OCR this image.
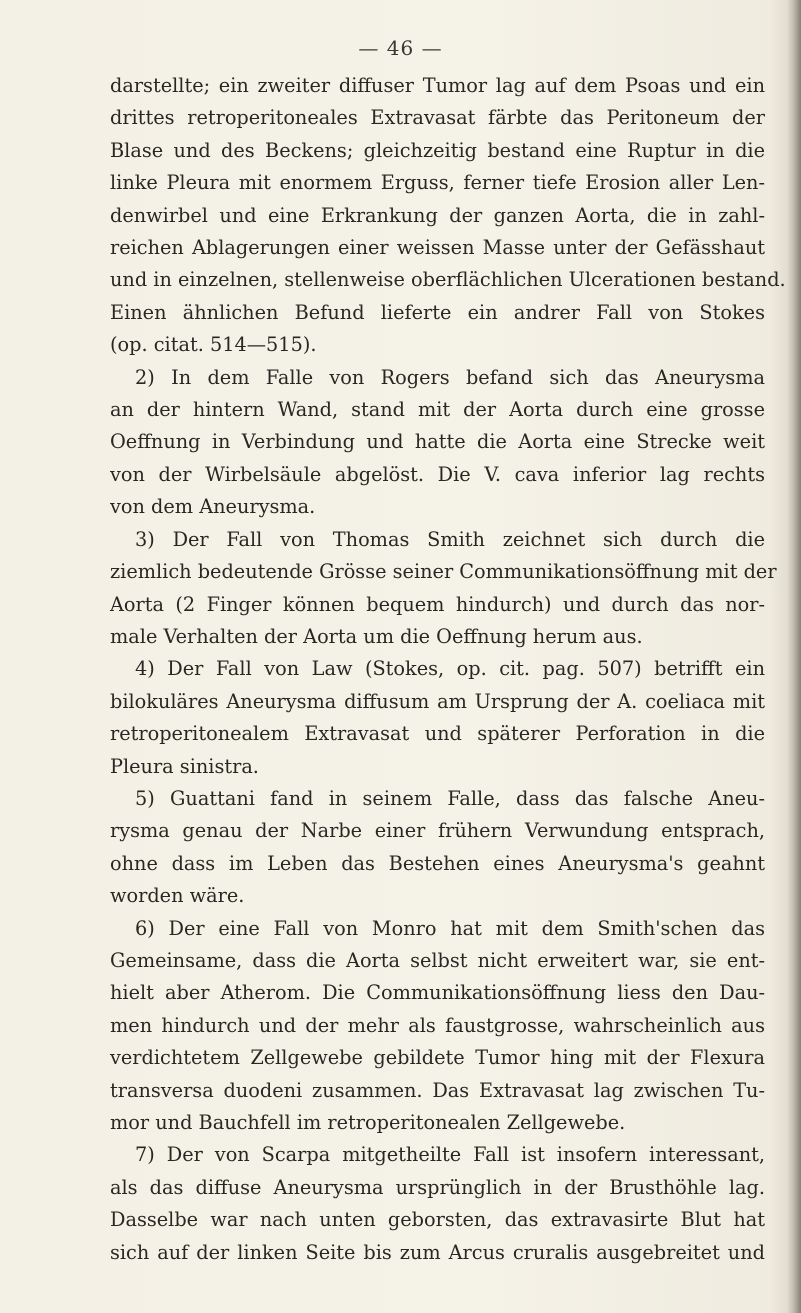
— 46 —
darstellte; ein zweiter diffuser Tumor lag auf dem Psoas und ein
drittes retroperitoneales Extravasat färbte das Peritoneum der
Blase und des Beckens; gleichzeitig bestand eine Ruptur in die
linke Pleura mit enormem Erguss, ferner tiefe Erosion aller Len-
denwirbel und eine Erkrankung der ganzen Aorta, die in zahl-
reichen Ablagerungen einer weissen Masse unter der Gefässhaut
und in einzelnen, stellenweise oberflächlichen Ulcerationen bestand.
Einen ähnlichen Befund lieferte ein andrer Fall von Stokes
(op. citat. 514—515).
2) In dem Falle von Rogers befand sich das Aneurysma
an der hintern Wand, stand mit der Aorta durch eine grosse
Oeffnung in Verbindung und hatte die Aorta eine Strecke weit
von der Wirbelsäule abgelöst. Die V. cava inferior lag rechts
von dem Aneurysma.
3) Der Fall von Thomas Smith zeichnet sich durch die
ziemlich bedeutende Grösse seiner Communikationsöffnung mit der
Aorta (2 Finger können bequem hindurch) und durch das nor-
male Verhalten der Aorta um die Oeffnung herum aus.
4) Der Fall von Law (Stokes, op. cit. pag. 507) betrifft ein
bilokuläres Aneurysma diffusum am Ursprung der A. coeliaca mit
retroperitonealem Extravasat und späterer Perforation in die
Pleura sinistra.
5) Guattani fand in seinem Falle, dass das falsche Aneu-
rysma genau der Narbe einer frühern Verwundung entsprach,
ohne dass im Leben das Bestehen eines Aneurysma's geahnt
worden wäre.
6) Der eine Fall von Monro hat mit dem Smith'schen das
Gemeinsame, dass die Aorta selbst nicht erweitert war, sie ent-
hielt aber Atherom. Die Communikationsöffnung liess den Dau-
men hindurch und der mehr als faustgrosse, wahrscheinlich aus
verdichtetem Zellgewebe gebildete Tumor hing mit der Flexura
transversa duodeni zusammen. Das Extravasat lag zwischen Tu-
mor und Bauchfell im retroperitonealen Zellgewebe.
7) Der von Scarpa mitgetheilte Fall ist insofern interessant,
als das diffuse Aneurysma ursprünglich in der Brusthöhle lag.
Dasselbe war nach unten geborsten, das extravasirte Blut hat
sich auf der linken Seite bis zum Arcus cruralis ausgebreitet und
